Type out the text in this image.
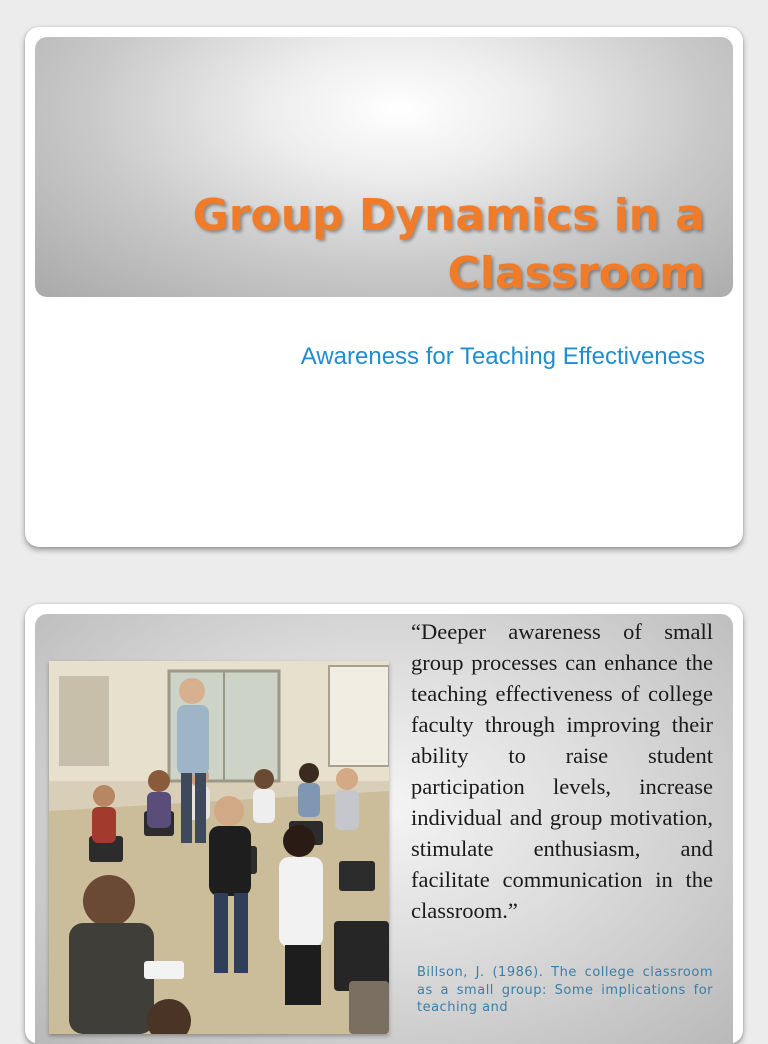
Group Dynamics in a Classroom
Awareness for Teaching Effectiveness

“Deeper awareness of small group processes can enhance the teaching effectiveness of college faculty through improving their ability to raise student participation levels, increase individual and group motivation, stimulate enthusiasm, and facilitate communication in the classroom.”

Billson, J. (1986). The college classroom as a small group: Some implications for teaching and
